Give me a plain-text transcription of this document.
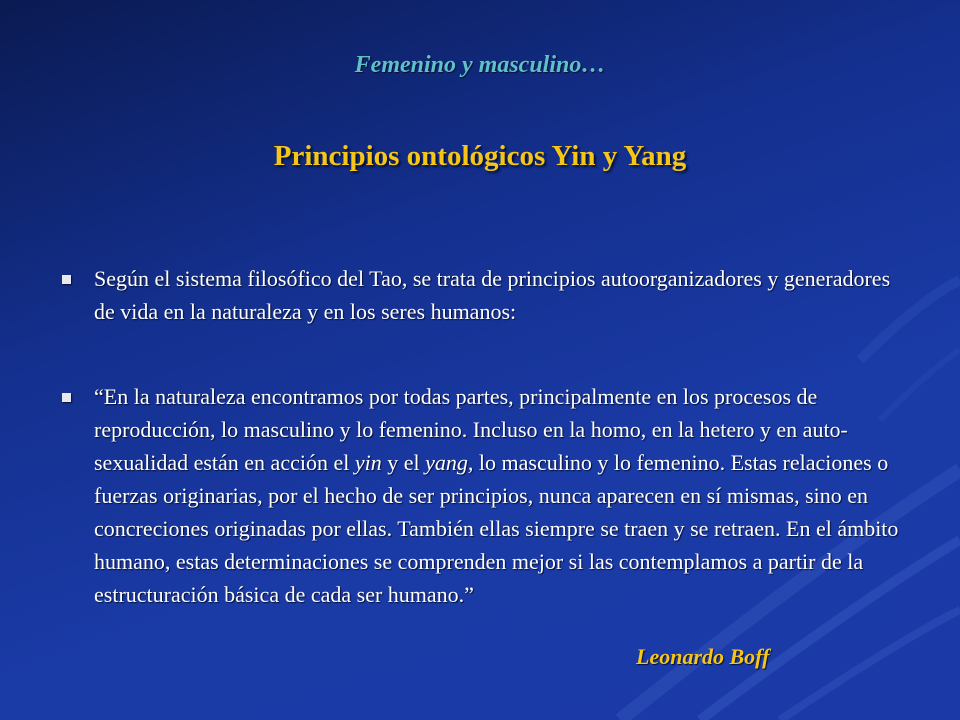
Femenino y masculino…
Principios ontológicos Yin y Yang
Según el sistema filosófico del Tao, se trata de principios autoorganizadores y generadores de vida en la naturaleza y en los seres humanos:
“En la naturaleza encontramos por todas partes, principalmente en los procesos de reproducción, lo masculino y lo femenino. Incluso en la homo, en la hetero y en auto-sexualidad están en acción el yin y el yang, lo masculino y lo femenino. Estas relaciones o fuerzas originarias, por el hecho de ser principios, nunca aparecen en sí mismas, sino en concreciones originadas por ellas. También ellas siempre se traen y se retraen. En el ámbito humano, estas determinaciones se comprenden mejor si las contemplamos a partir de la estructuración básica de cada ser humano.”
Leonardo Boff
